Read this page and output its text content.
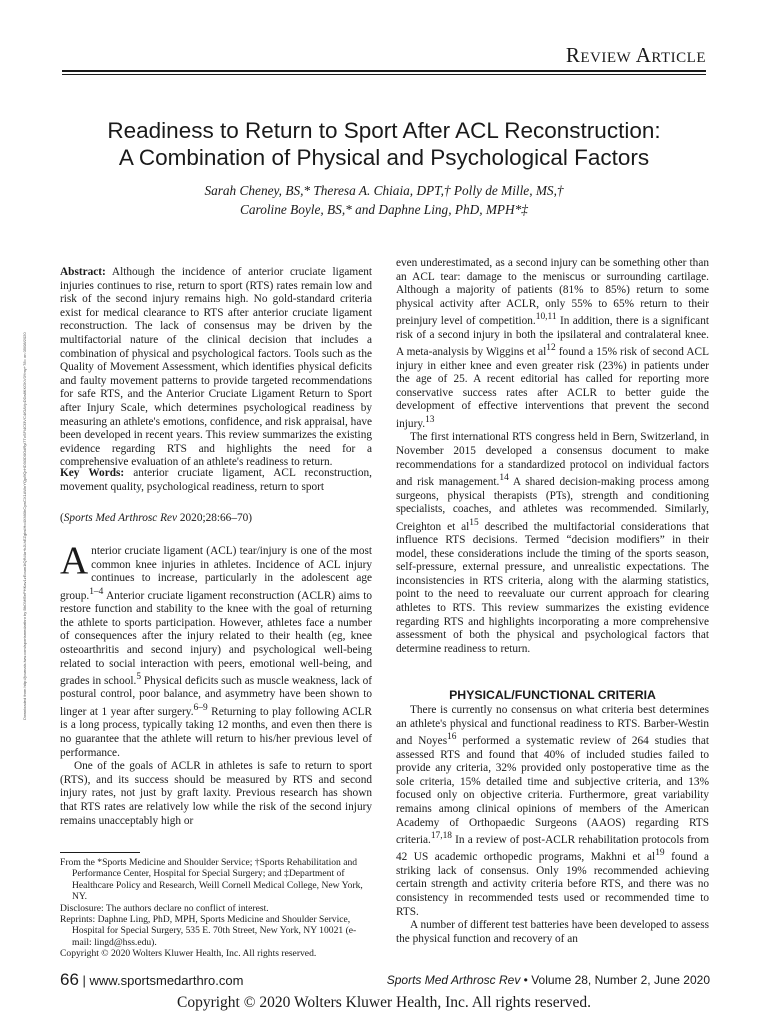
Review Article
Readiness to Return to Sport After ACL Reconstruction:
A Combination of Physical and Psychological Factors
Sarah Cheney, BS,* Theresa A. Chiaia, DPT,† Polly de Mille, MS,†
Caroline Boyle, BS,* and Daphne Ling, PhD, MPH*‡
Downloaded from http://journals.lww.com/sportsmedarthro by BhDMf5ePHKav1zEoum1tQfN4a+kJLhEZgbsIHo4XMi0hCywCX1AWnYQp/IlQrHD3i3D0OdRyi7TvSFl4Cf3VC4/OAVpDDa8KKGKV0Ymy+78= on 05/08/2020

Abstract: Although the incidence of anterior cruciate ligament injuries continues to rise, return to sport (RTS) rates remain low and risk of the second injury remains high. No gold-standard criteria exist for medical clearance to RTS after anterior cruciate ligament reconstruction. The lack of consensus may be driven by the multifactorial nature of the clinical decision that includes a combination of physical and psychological factors. Tools such as the Quality of Movement Assessment, which identifies physical deficits and faulty movement patterns to provide targeted recommendations for safe RTS, and the Anterior Cruciate Ligament Return to Sport after Injury Scale, which determines psychological readiness by measuring an athlete's emotions, confidence, and risk appraisal, have been developed in recent years. This review summarizes the existing evidence regarding RTS and highlights the need for a comprehensive evaluation of an athlete's readiness to return.

Key Words: anterior cruciate ligament, ACL reconstruction, movement quality, psychological readiness, return to sport

(Sports Med Arthrosc Rev 2020;28:66–70)

Anterior cruciate ligament (ACL) tear/injury is one of the most common knee injuries in athletes. Incidence of ACL injury continues to increase, particularly in the adolescent age group.$^{1-4}$ Anterior cruciate ligament reconstruction (ACLR) aims to restore function and stability to the knee with the goal of returning the athlete to sports participation. However, athletes face a number of consequences after the injury related to their health (eg, knee osteoarthritis and second injury) and psychological well-being related to social interaction with peers, emotional well-being, and grades in school.$^5$ Physical deficits such as muscle weakness, lack of postural control, poor balance, and asymmetry have been shown to linger at 1 year after surgery.$^{6-9}$ Returning to play following ACLR is a long process, typically taking 12 months, and even then there is no guarantee that the athlete will return to his/her previous level of performance.

One of the goals of ACLR in athletes is safe to return to sport (RTS), and its success should be measured by RTS and second injury rates, not just by graft laxity. Previous research has shown that RTS rates are relatively low while the risk of the second injury remains unacceptably high or

From the *Sports Medicine and Shoulder Service; †Sports Rehabilitation and Performance Center, Hospital for Special Surgery; and ‡Department of Healthcare Policy and Research, Weill Cornell Medical College, New York, NY.

Disclosure: The authors declare no conflict of interest.

Reprints: Daphne Ling, PhD, MPH, Sports Medicine and Shoulder Service, Hospital for Special Surgery, 535 E. 70th Street, New York, NY 10021 (e-mail: lingd@hss.edu).

Copyright © 2020 Wolters Kluwer Health, Inc. All rights reserved.

even underestimated, as a second injury can be something other than an ACL tear: damage to the meniscus or surrounding cartilage. Although a majority of patients (81% to 85%) return to some physical activity after ACLR, only 55% to 65% return to their preinjury level of competition.$^{10,11}$ In addition, there is a significant risk of a second injury in both the ipsilateral and contralateral knee. A meta-analysis by Wiggins et $al^{12}$ found a 15% risk of second ACL injury in either knee and even greater risk (23%) in patients under the age of 25. A recent editorial has called for reporting more conservative success rates after ACLR to better guide the development of effective interventions that prevent the second injury.$^{13}$

The first international RTS congress held in Bern, Switzerland, in November 2015 developed a consensus document to make recommendations for a standardized protocol on individual factors and risk management.$^{14}$ A shared decision-making process among surgeons, physical therapists (PTs), strength and conditioning specialists, coaches, and athletes was recommended. Similarly, Creighton et $al^{15}$ described the multifactorial considerations that influence RTS decisions. Termed “decision modifiers” in their model, these considerations include the timing of the sports season, self-pressure, external pressure, and unrealistic expectations. The inconsistencies in RTS criteria, along with the alarming statistics, point to the need to reevaluate our current approach for clearing athletes to RTS. This review summarizes the existing evidence regarding RTS and highlights incorporating a more comprehensive assessment of both the physical and psychological factors that determine readiness to return.

PHYSICAL/FUNCTIONAL CRITERIA

There is currently no consensus on what criteria best determines an athlete's physical and functional readiness to RTS. Barber-Westin and Noyes$^{16}$ performed a systematic review of 264 studies that assessed RTS and found that 40% of included studies failed to provide any criteria, 32% provided only postoperative time as the sole criteria, 15% detailed time and subjective criteria, and 13% focused only on objective criteria. Furthermore, great variability remains among clinical opinions of members of the American Academy of Orthopaedic Surgeons (AAOS) regarding RTS criteria.$^{17,18}$ In a review of post-ACLR rehabilitation protocols from 42 US academic orthopedic programs, Makhni et $al^{19}$ found a striking lack of consensus. Only 19% recommended achieving certain strength and activity criteria before RTS, and there was no consistency in recommended tests used or recommended time to RTS.

A number of different test batteries have been developed to assess the physical function and recovery of an

66 | www.sportsmedarthro.com	Sports Med Arthrosc Rev • Volume 28, Number 2, June 2020
Copyright © 2020 Wolters Kluwer Health, Inc. All rights reserved.
